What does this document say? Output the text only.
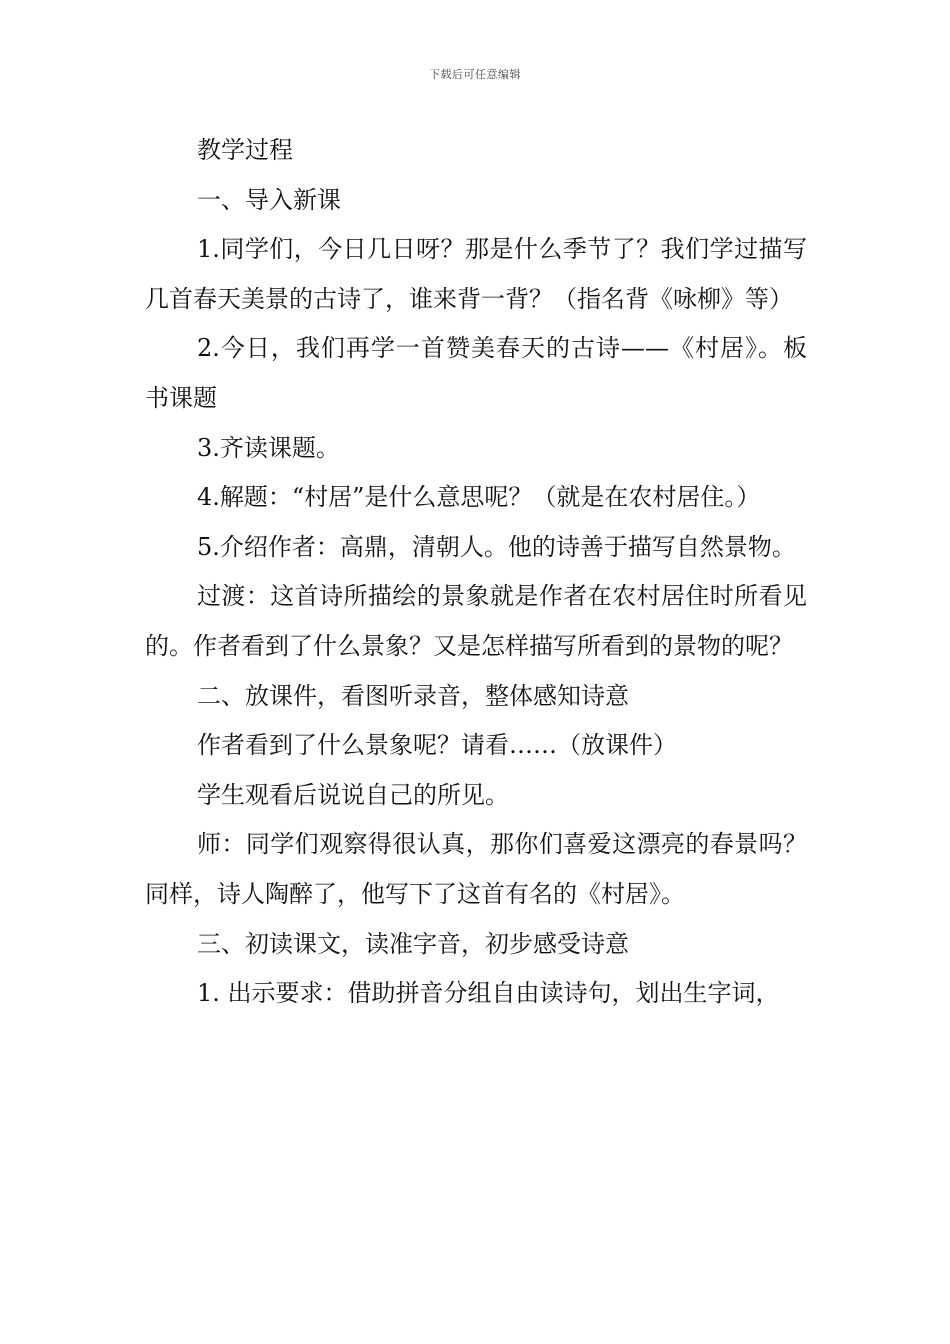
下载后可任意编辑

教学过程

一、导入新课

1.同学们，今日几日呀？那是什么季节了？我们学过描写几首春天美景的古诗了，谁来背一背？（指名背《咏柳》等）

2.今日，我们再学一首赞美春天的古诗——《村居》。板书课题

3.齐读课题。

4.解题：“村居”是什么意思呢？（就是在农村居住。）

5.介绍作者：高鼎，清朝人。他的诗善于描写自然景物。

过渡：这首诗所描绘的景象就是作者在农村居住时所看见的。作者看到了什么景象？又是怎样描写所看到的景物的呢？

二、放课件，看图听录音，整体感知诗意

作者看到了什么景象呢？请看……（放课件）

学生观看后说说自己的所见。

师：同学们观察得很认真，那你们喜爱这漂亮的春景吗？同样，诗人陶醉了，他写下了这首有名的《村居》。

三、初读课文，读准字音，初步感受诗意

1. 出示要求：借助拼音分组自由读诗句，划出生字词，
